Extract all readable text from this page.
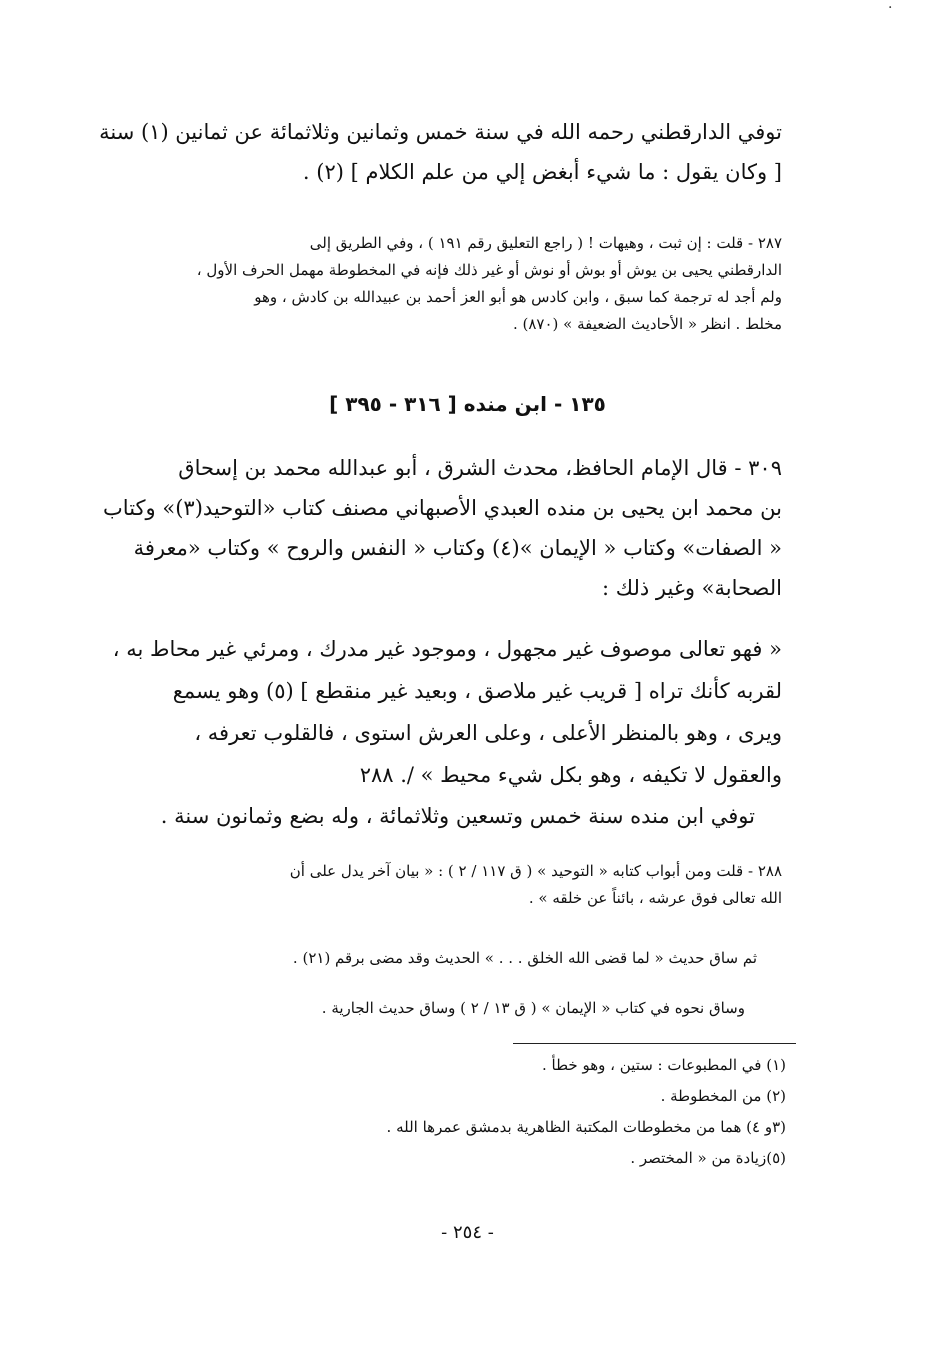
·
توفي الدارقطني رحمه الله في سنة خمس وثمانين وثلاثمائة عن ثمانين (١) سنة
[ وكان يقول : ما شيء أبغض إلي من علم الكلام ] (٢) .
٢٨٧ - قلت : إن ثبت ، وهيهات ! ( راجع التعليق رقم ١٩١ ) ، وفي الطريق إلى
الدارقطني يحيى بن يوش أو بوش أو نوش أو غير ذلك فإنه في المخطوطة مهمل الحرف الأول ،
ولم أجد له ترجمة كما سبق ، وابن كادس هو أبو العز أحمد بن عبيدالله بن كادش ، وهو
مخلط . انظر « الأحاديث الضعيفة » (٨٧٠) .
١٣٥ - ابن منده [ ٣١٦ - ٣٩٥ ]
٣٠٩ - قال الإمام الحافظ، محدث الشرق ، أبو عبدالله محمد بن إسحاق
بن محمد ابن يحيى بن منده العبدي الأصبهاني مصنف كتاب «التوحيد(٣)» وكتاب
« الصفات» وكتاب « الإيمان »(٤) وكتاب « النفس والروح » وكتاب «معرفة
الصحابة» وغير ذلك :
« فهو تعالى موصوف غير مجهول ، وموجود غير مدرك ، ومرئي غير محاط به ،
لقربه كأنك تراه [ قريب غير ملاصق ، وبعيد غير منقطع ] (٥) وهو يسمع
ويرى ، وهو بالمنظر الأعلى ، وعلى العرش استوى ، فالقلوب تعرفه ،
والعقول لا تكيفه ، وهو بكل شيء محيط » /. ٢٨٨
توفي ابن منده سنة خمس وتسعين وثلاثمائة ، وله بضع وثمانون سنة .
٢٨٨ - قلت ومن أبواب كتابه « التوحيد » ( ق ١١٧ / ٢ ) : « بيان آخر يدل على أن
الله تعالى فوق عرشه ، بائناً عن خلقه » .
ثم ساق حديث « لما قضى الله الخلق . . . » الحديث وقد مضى برقم (٢١) .
وساق نحوه في كتاب « الإيمان » ( ق ١٣ / ٢ ) وساق حديث الجارية .
(١) في المطبوعات : ستين ، وهو خطأ .
(٢) من المخطوطة .
(٣و ٤) هما من مخطوطات المكتبة الظاهرية بدمشق عمرها الله .
(٥)زيادة من « المختصر .
- ٢٥٤ -
